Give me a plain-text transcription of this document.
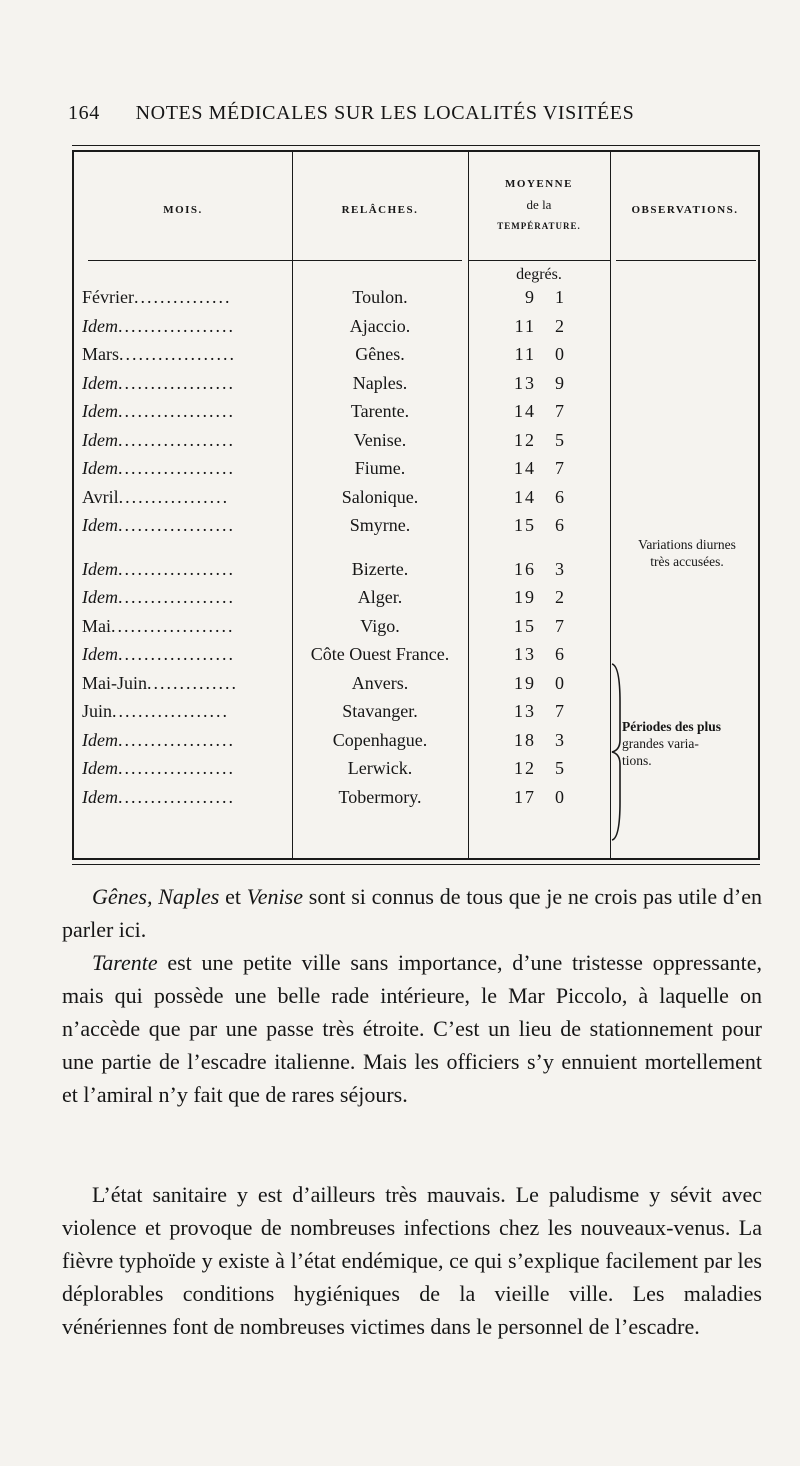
164 NOTES MÉDICALES SUR LES LOCALITÉS VISITÉES
MOIS.	RELÂCHES.
MOYENNE
de la
TEMPÉRATURE.
OBSERVATIONS.
degrés.
Février...............	Toulon.	9 1
Idem..................	Ajaccio.	11 2
Mars..................	Gênes.	11 0
Idem..................	Naples.	13 9
Idem..................	Tarente.	14 7
Idem..................	Venise.	12 5
Idem..................	Fiume.	14 7
Avril.................	Salonique.	14 6
Idem..................	Smyrne.	15 6
Idem..................	Bizerte.	16 3
Idem..................	Alger.	19 2
Mai...................	Vigo.	15 7
Idem..................	Côte Ouest France.	13 6
Mai-Juin..............	Anvers.	19 0
Juin..................	Stavanger.	13 7
Idem..................	Copenhague.	18 3
Idem..................	Lerwick.	12 5
Idem..................	Tobermory.	17 0
Variations diurnes
très accusées.
Périodes des plus
grandes varia-
tions.
Gênes, Naples et Venise sont si connus de tous que je ne crois pas utile d’en parler ici.
Tarente est une petite ville sans importance, d’une tristesse oppressante, mais qui possède une belle rade intérieure, le Mar Piccolo, à laquelle on n’accède que par une passe très étroite. C’est un lieu de stationnement pour une partie de l’escadre italienne. Mais les officiers s’y ennuient mortellement et l’amiral n’y fait que de rares séjours.
L’état sanitaire y est d’ailleurs très mauvais. Le paludisme y sévit avec violence et provoque de nombreuses infections chez les nouveaux-venus. La fièvre typhoïde y existe à l’état endémique, ce qui s’explique facilement par les déplorables conditions hygiéniques de la vieille ville. Les maladies vénériennes font de nombreuses victimes dans le personnel de l’escadre.
